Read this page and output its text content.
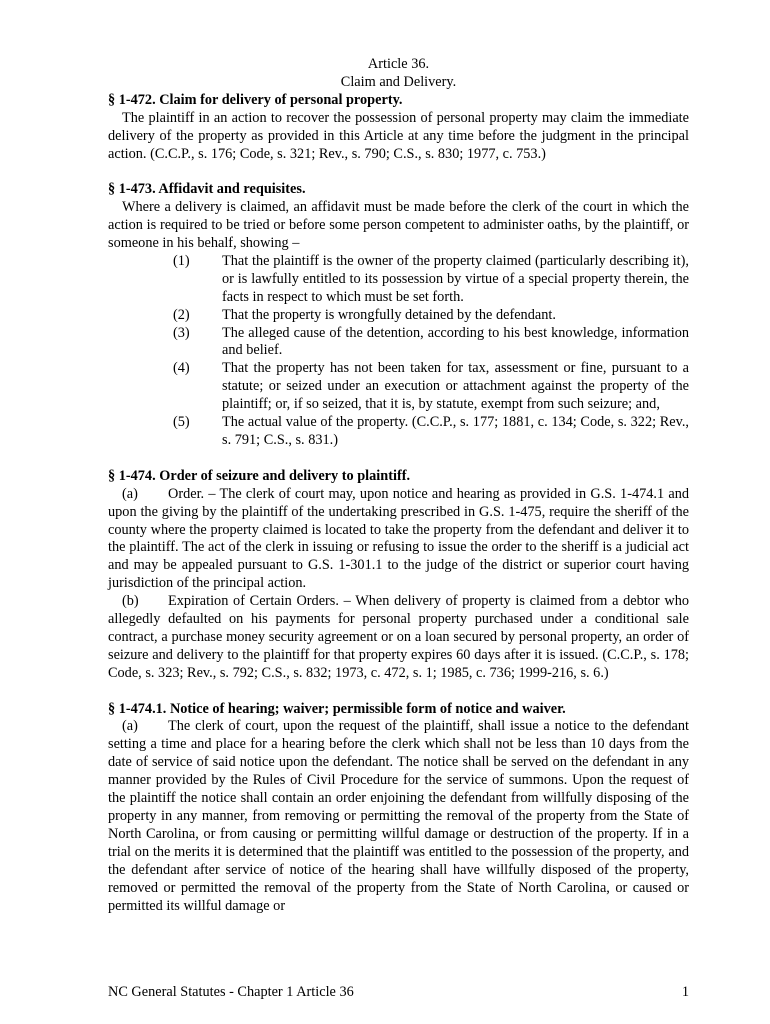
Article 36.
Claim and Delivery.
§ 1-472. Claim for delivery of personal property.

The plaintiff in an action to recover the possession of personal property may claim the immediate delivery of the property as provided in this Article at any time before the judgment in the principal action. (C.C.P., s. 176; Code, s. 321; Rev., s. 790; C.S., s. 830; 1977, c. 753.)

§ 1-473. Affidavit and requisites.

Where a delivery is claimed, an affidavit must be made before the clerk of the court in which the action is required to be tried or before some person competent to administer oaths, by the plaintiff, or someone in his behalf, showing –

(1)	That the plaintiff is the owner of the property claimed (particularly describing it), or is lawfully entitled to its possession by virtue of a special property therein, the facts in respect to which must be set forth.
(2)	That the property is wrongfully detained by the defendant.
(3)	The alleged cause of the detention, according to his best knowledge, information and belief.
(4)	That the property has not been taken for tax, assessment or fine, pursuant to a statute; or seized under an execution or attachment against the property of the plaintiff; or, if so seized, that it is, by statute, exempt from such seizure; and,
(5)	The actual value of the property. (C.C.P., s. 177; 1881, c. 134; Code, s. 322; Rev., s. 791; C.S., s. 831.)
§ 1-474. Order of seizure and delivery to plaintiff.

(a) Order. – The clerk of court may, upon notice and hearing as provided in G.S. 1-474.1 and upon the giving by the plaintiff of the undertaking prescribed in G.S. 1-475, require the sheriff of the county where the property claimed is located to take the property from the defendant and deliver it to the plaintiff. The act of the clerk in issuing or refusing to issue the order to the sheriff is a judicial act and may be appealed pursuant to G.S. 1-301.1 to the judge of the district or superior court having jurisdiction of the principal action.

(b) Expiration of Certain Orders. – When delivery of property is claimed from a debtor who allegedly defaulted on his payments for personal property purchased under a conditional sale contract, a purchase money security agreement or on a loan secured by personal property, an order of seizure and delivery to the plaintiff for that property expires 60 days after it is issued. (C.C.P., s. 178; Code, s. 323; Rev., s. 792; C.S., s. 832; 1973, c. 472, s. 1; 1985, c. 736; 1999-216, s. 6.)

§ 1-474.1. Notice of hearing; waiver; permissible form of notice and waiver.

(a) The clerk of court, upon the request of the plaintiff, shall issue a notice to the defendant setting a time and place for a hearing before the clerk which shall not be less than 10 days from the date of service of said notice upon the defendant. The notice shall be served on the defendant in any manner provided by the Rules of Civil Procedure for the service of summons. Upon the request of the plaintiff the notice shall contain an order enjoining the defendant from willfully disposing of the property in any manner, from removing or permitting the removal of the property from the State of North Carolina, or from causing or permitting willful damage or destruction of the property. If in a trial on the merits it is determined that the plaintiff was entitled to the possession of the property, and the defendant after service of notice of the hearing shall have willfully disposed of the property, removed or permitted the removal of the property from the State of North Carolina, or caused or permitted its willful damage or

NC General Statutes - Chapter 1 Article 36	1
